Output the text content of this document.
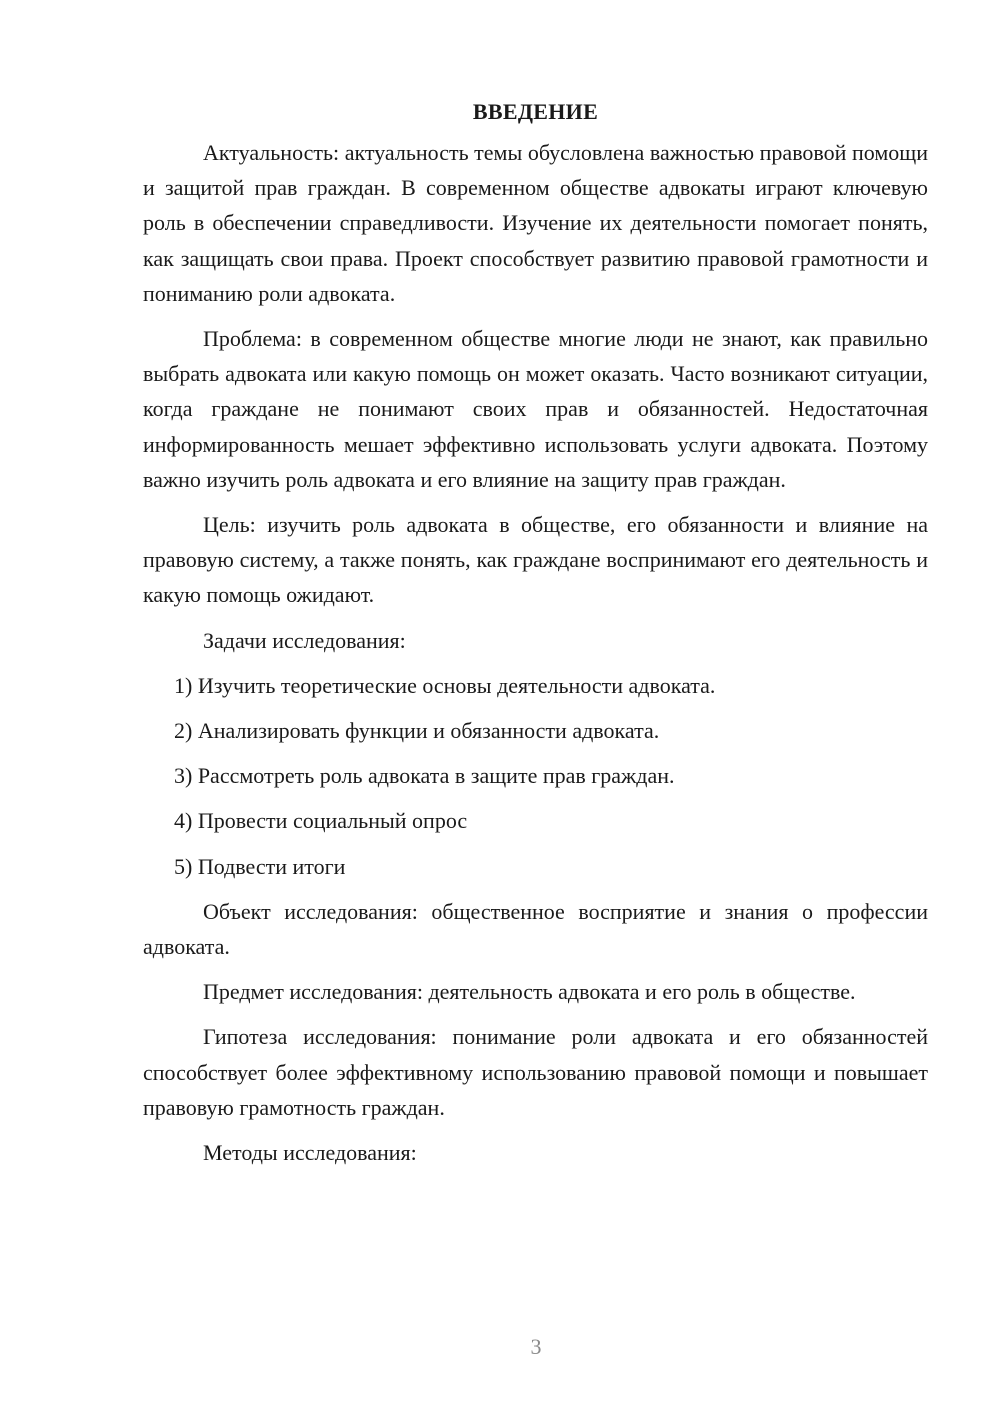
ВВЕДЕНИЕ

Актуальность: актуальность темы обусловлена важностью правовой помощи и защитой прав граждан. В современном обществе адвокаты играют ключевую роль в обеспечении справедливости. Изучение их деятельности помогает понять, как защищать свои права. Проект способствует развитию правовой грамотности и пониманию роли адвоката.

Проблема: в современном обществе многие люди не знают, как правильно выбрать адвоката или какую помощь он может оказать. Часто возникают ситуации, когда граждане не понимают своих прав и обязанностей. Недостаточная информированность мешает эффективно использовать услуги адвоката. Поэтому важно изучить роль адвоката и его влияние на защиту прав граждан.

Цель: изучить роль адвоката в обществе, его обязанности и влияние на правовую систему, а также понять, как граждане воспринимают его деятельность и какую помощь ожидают.

Задачи исследования:

1) Изучить теоретические основы деятельности адвоката.
2) Анализировать функции и обязанности адвоката.
3) Рассмотреть роль адвоката в защите прав граждан.
4) Провести социальный опрос
5) Подвести итоги

Объект исследования: общественное восприятие и знания о профессии адвоката.

Предмет исследования: деятельность адвоката и его роль в обществе.

Гипотеза исследования: понимание роли адвоката и его обязанностей способствует более эффективному использованию правовой помощи и повышает правовую грамотность граждан.

Методы исследования:

3
